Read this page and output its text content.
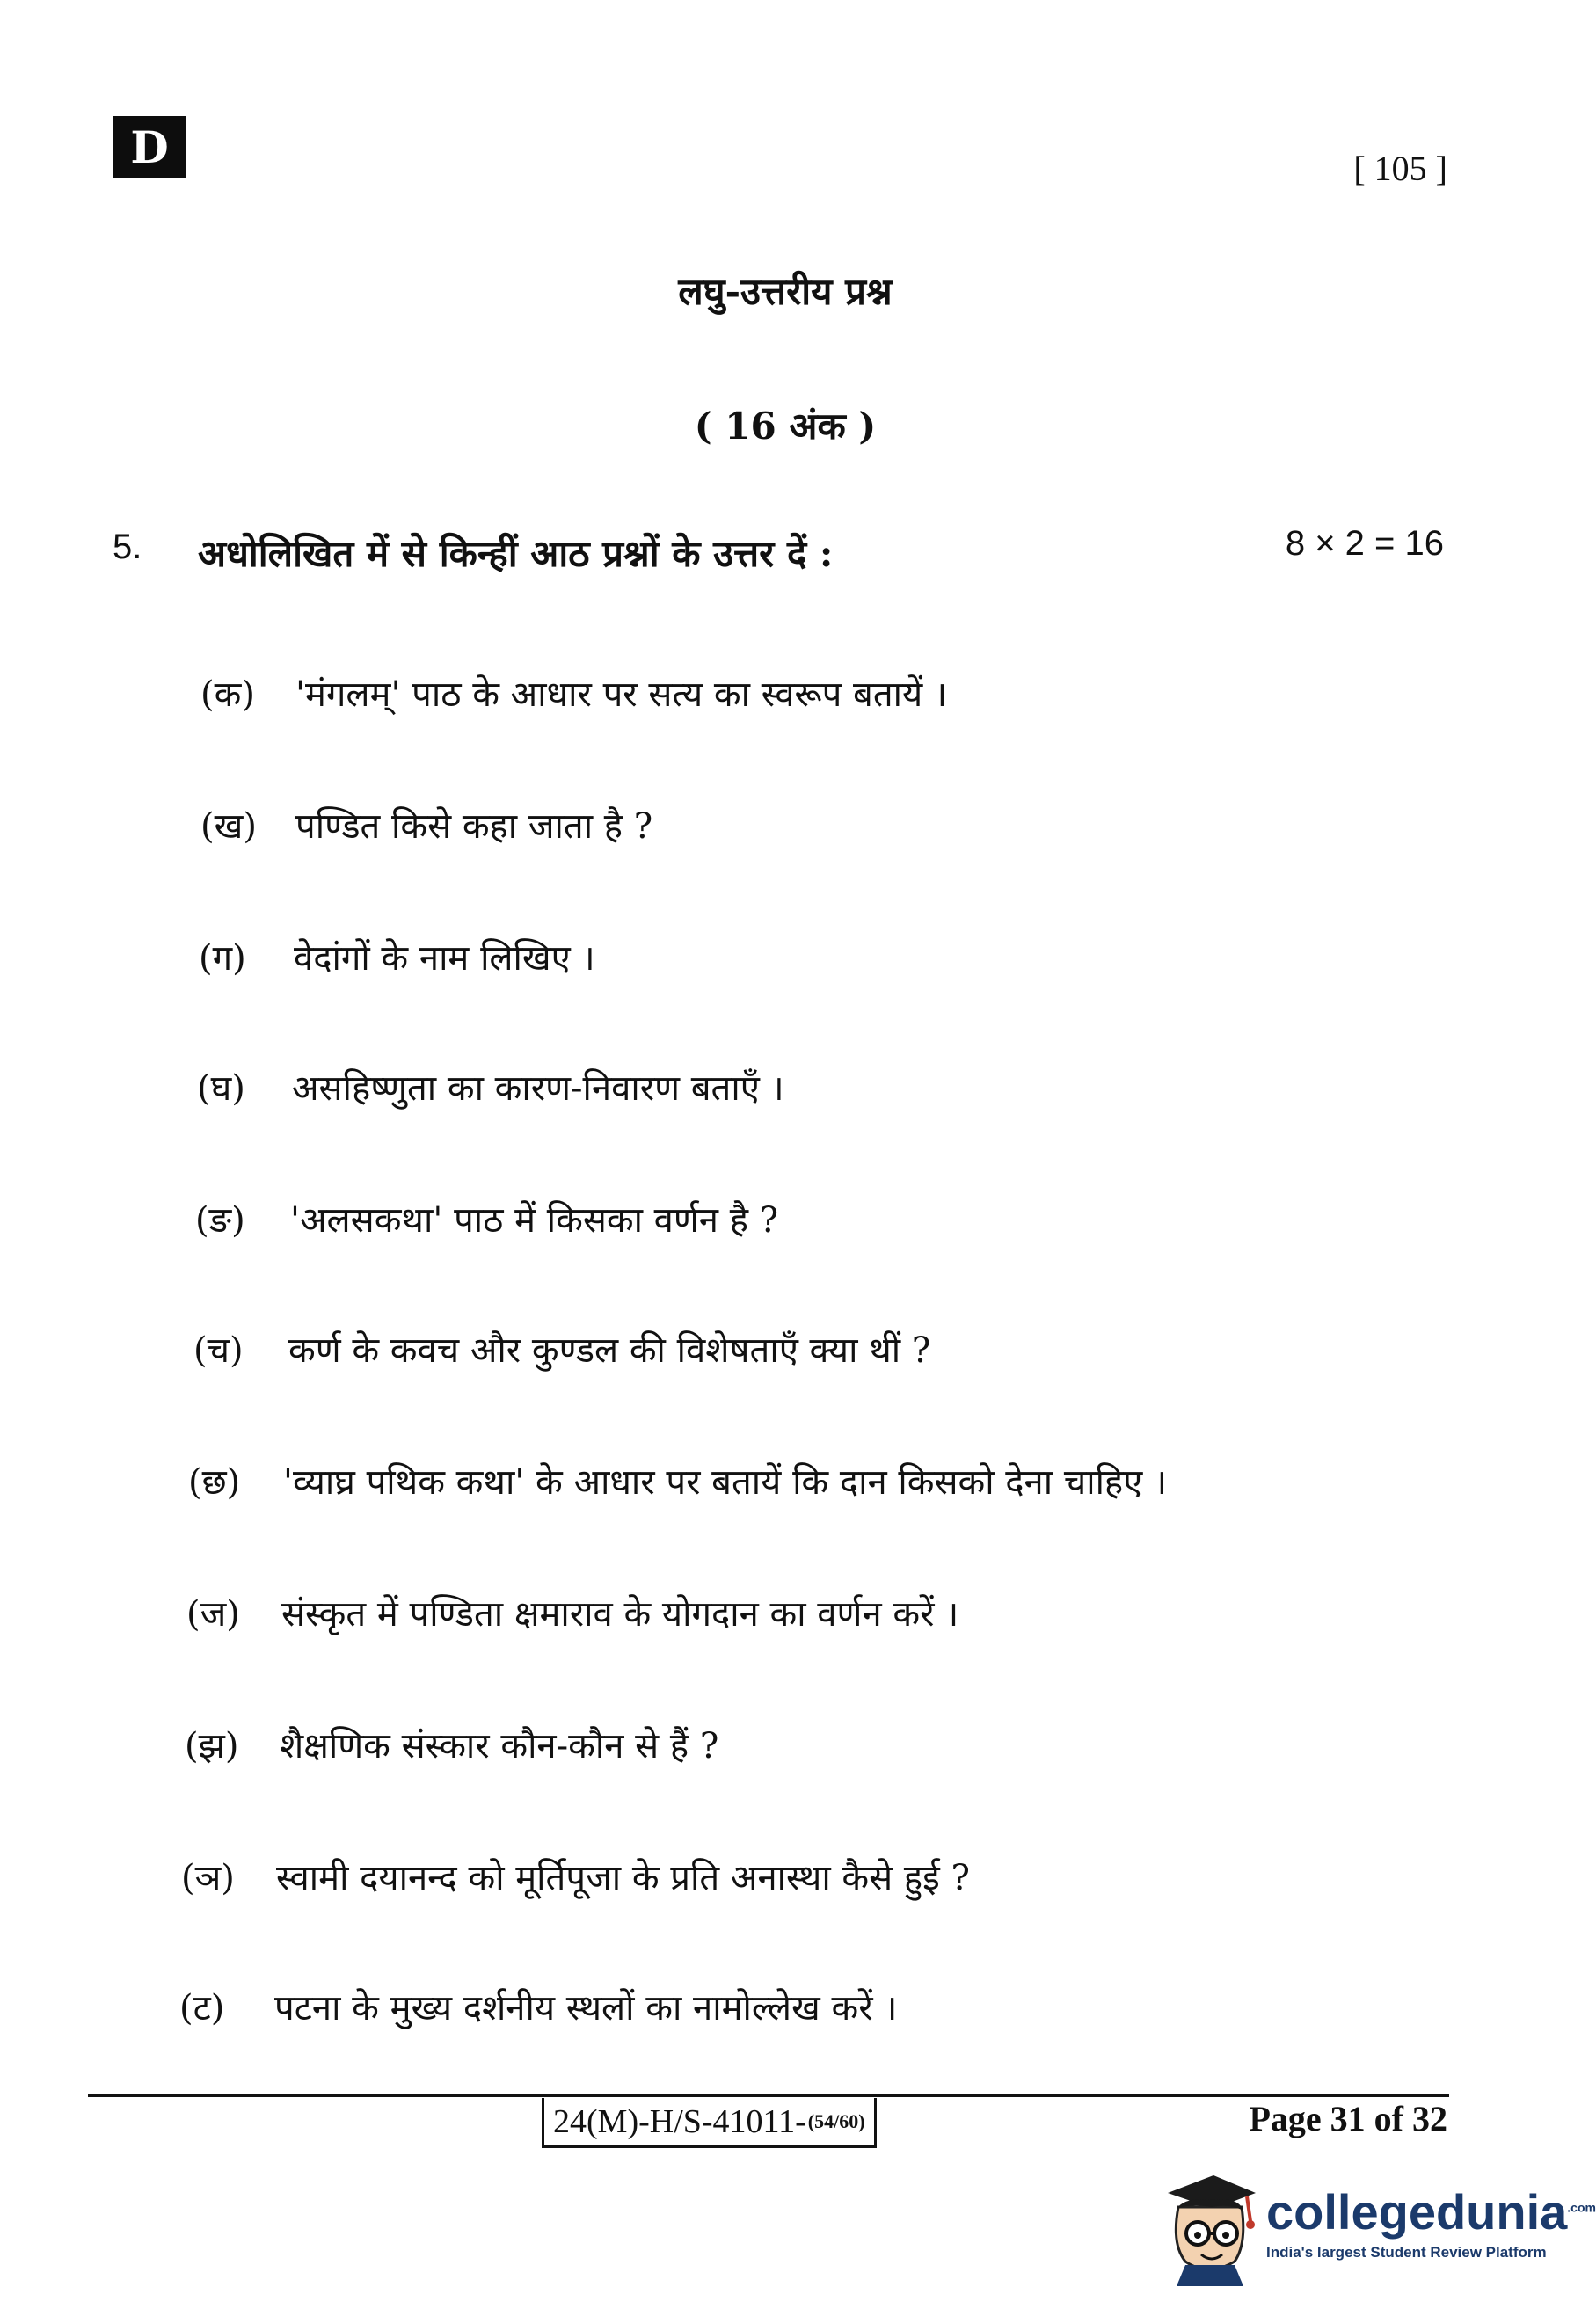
D	[ 105 ]
लघु-उत्तरीय प्रश्न
( 16 अंक )
5. अधोलिखित में से किन्हीं आठ प्रश्नों के उत्तर दें :	8 × 2 = 16
(क)	'मंगलम्' पाठ के आधार पर सत्य का स्वरूप बतायें ।
(ख)	पण्डित किसे कहा जाता है ?
(ग)	वेदांगों के नाम लिखिए ।
(घ)	असहिष्णुता का कारण-निवारण बताएँ ।
(ङ)	'अलसकथा' पाठ में किसका वर्णन है ?
(च)	कर्ण के कवच और कुण्डल की विशेषताएँ क्या थीं ?
(छ)	'व्याघ्र पथिक कथा' के आधार पर बतायें कि दान किसको देना चाहिए ।
(ज)	संस्कृत में पण्डिता क्षमाराव के योगदान का वर्णन करें ।
(झ)	शैक्षणिक संस्कार कौन-कौन से हैं ?
(ञ)	स्वामी दयानन्द को मूर्तिपूजा के प्रति अनास्था कैसे हुई ?
(ट)	पटना के मुख्य दर्शनीय स्थलों का नामोल्लेख करें ।
24(M)-H/S-41011- (54/60)	Page 31 of 32
collegedunia$^{.com}$
India's largest Student Review Platform
